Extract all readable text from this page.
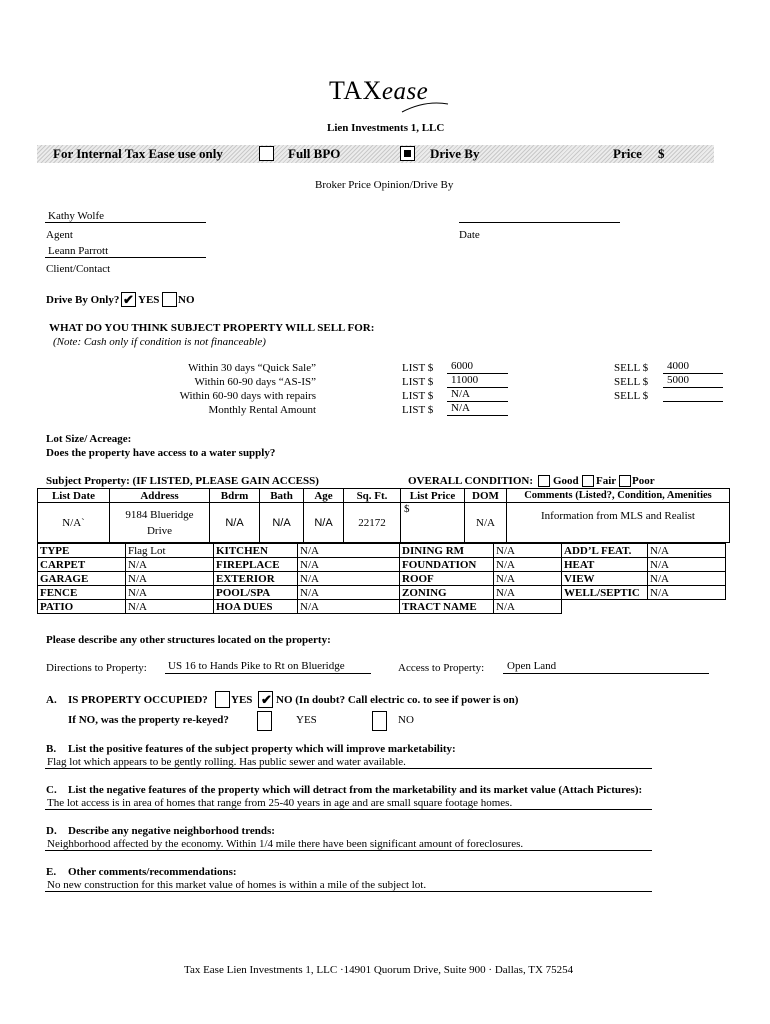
TAXease
Lien Investments 1, LLC
For Internal Tax Ease use only	Full BPO	Drive By	Price $
Broker Price Opinion/Drive By
Kathy Wolfe
Agent	Date
Leann Parrott
Client/Contact
Drive By Only? ✔ YES NO
WHAT DO YOU THINK SUBJECT PROPERTY WILL SELL FOR:
(Note: Cash only if condition is not financeable)
Within 30 days “Quick Sale”	LIST $ 6000	SELL $ 4000
Within 60-90 days “AS-IS”	LIST $ 11000	SELL $ 5000
Within 60-90 days with repairs	LIST $ N/A	SELL $
Monthly Rental Amount	LIST $ N/A
Lot Size/ Acreage:
Does the property have access to a water supply?
Subject Property: (IF LISTED, PLEASE GAIN ACCESS)	OVERALL CONDITION: Good Fair Poor
List Date	Address	Bdrm	Bath	Age	Sq. Ft.	List Price	DOM	Comments (Listed?, Condition, Amenities
N/A`	9184 Blueridge Drive	N/A	N/A	N/A	22172	$	N/A	Information from MLS and Realist
TYPE	Flag Lot	KITCHEN	N/A	DINING RM	N/A	ADD’L FEAT.	N/A
CARPET	N/A	FIREPLACE	N/A	FOUNDATION	N/A	HEAT	N/A
GARAGE	N/A	EXTERIOR	N/A	ROOF	N/A	VIEW	N/A
FENCE	N/A	POOL/SPA	N/A	ZONING	N/A	WELL/SEPTIC	N/A
PATIO	N/A	HOA DUES	N/A	TRACT NAME	N/A		
Please describe any other structures located on the property:
Directions to Property: US 16 to Hands Pike to Rt on Blueridge	Access to Property: Open Land
A. IS PROPERTY OCCUPIED? YES ✔ NO (In doubt? Call electric co. to see if power is on)
If NO, was the property re-keyed?	YES	NO
B. List the positive features of the subject property which will improve marketability:
Flag lot which appears to be gently rolling. Has public sewer and water available.
C. List the negative features of the property which will detract from the marketability and its market value (Attach Pictures):
The lot access is in area of homes that range from 25-40 years in age and are small square footage homes.
D. Describe any negative neighborhood trends:
Neighborhood affected by the economy. Within 1/4 mile there have been significant amount of foreclosures.
E. Other comments/recommendations:
No new construction for this market value of homes is within a mile of the subject lot.
Tax Ease Lien Investments 1, LLC ·14901 Quorum Drive, Suite 900 · Dallas, TX 75254
